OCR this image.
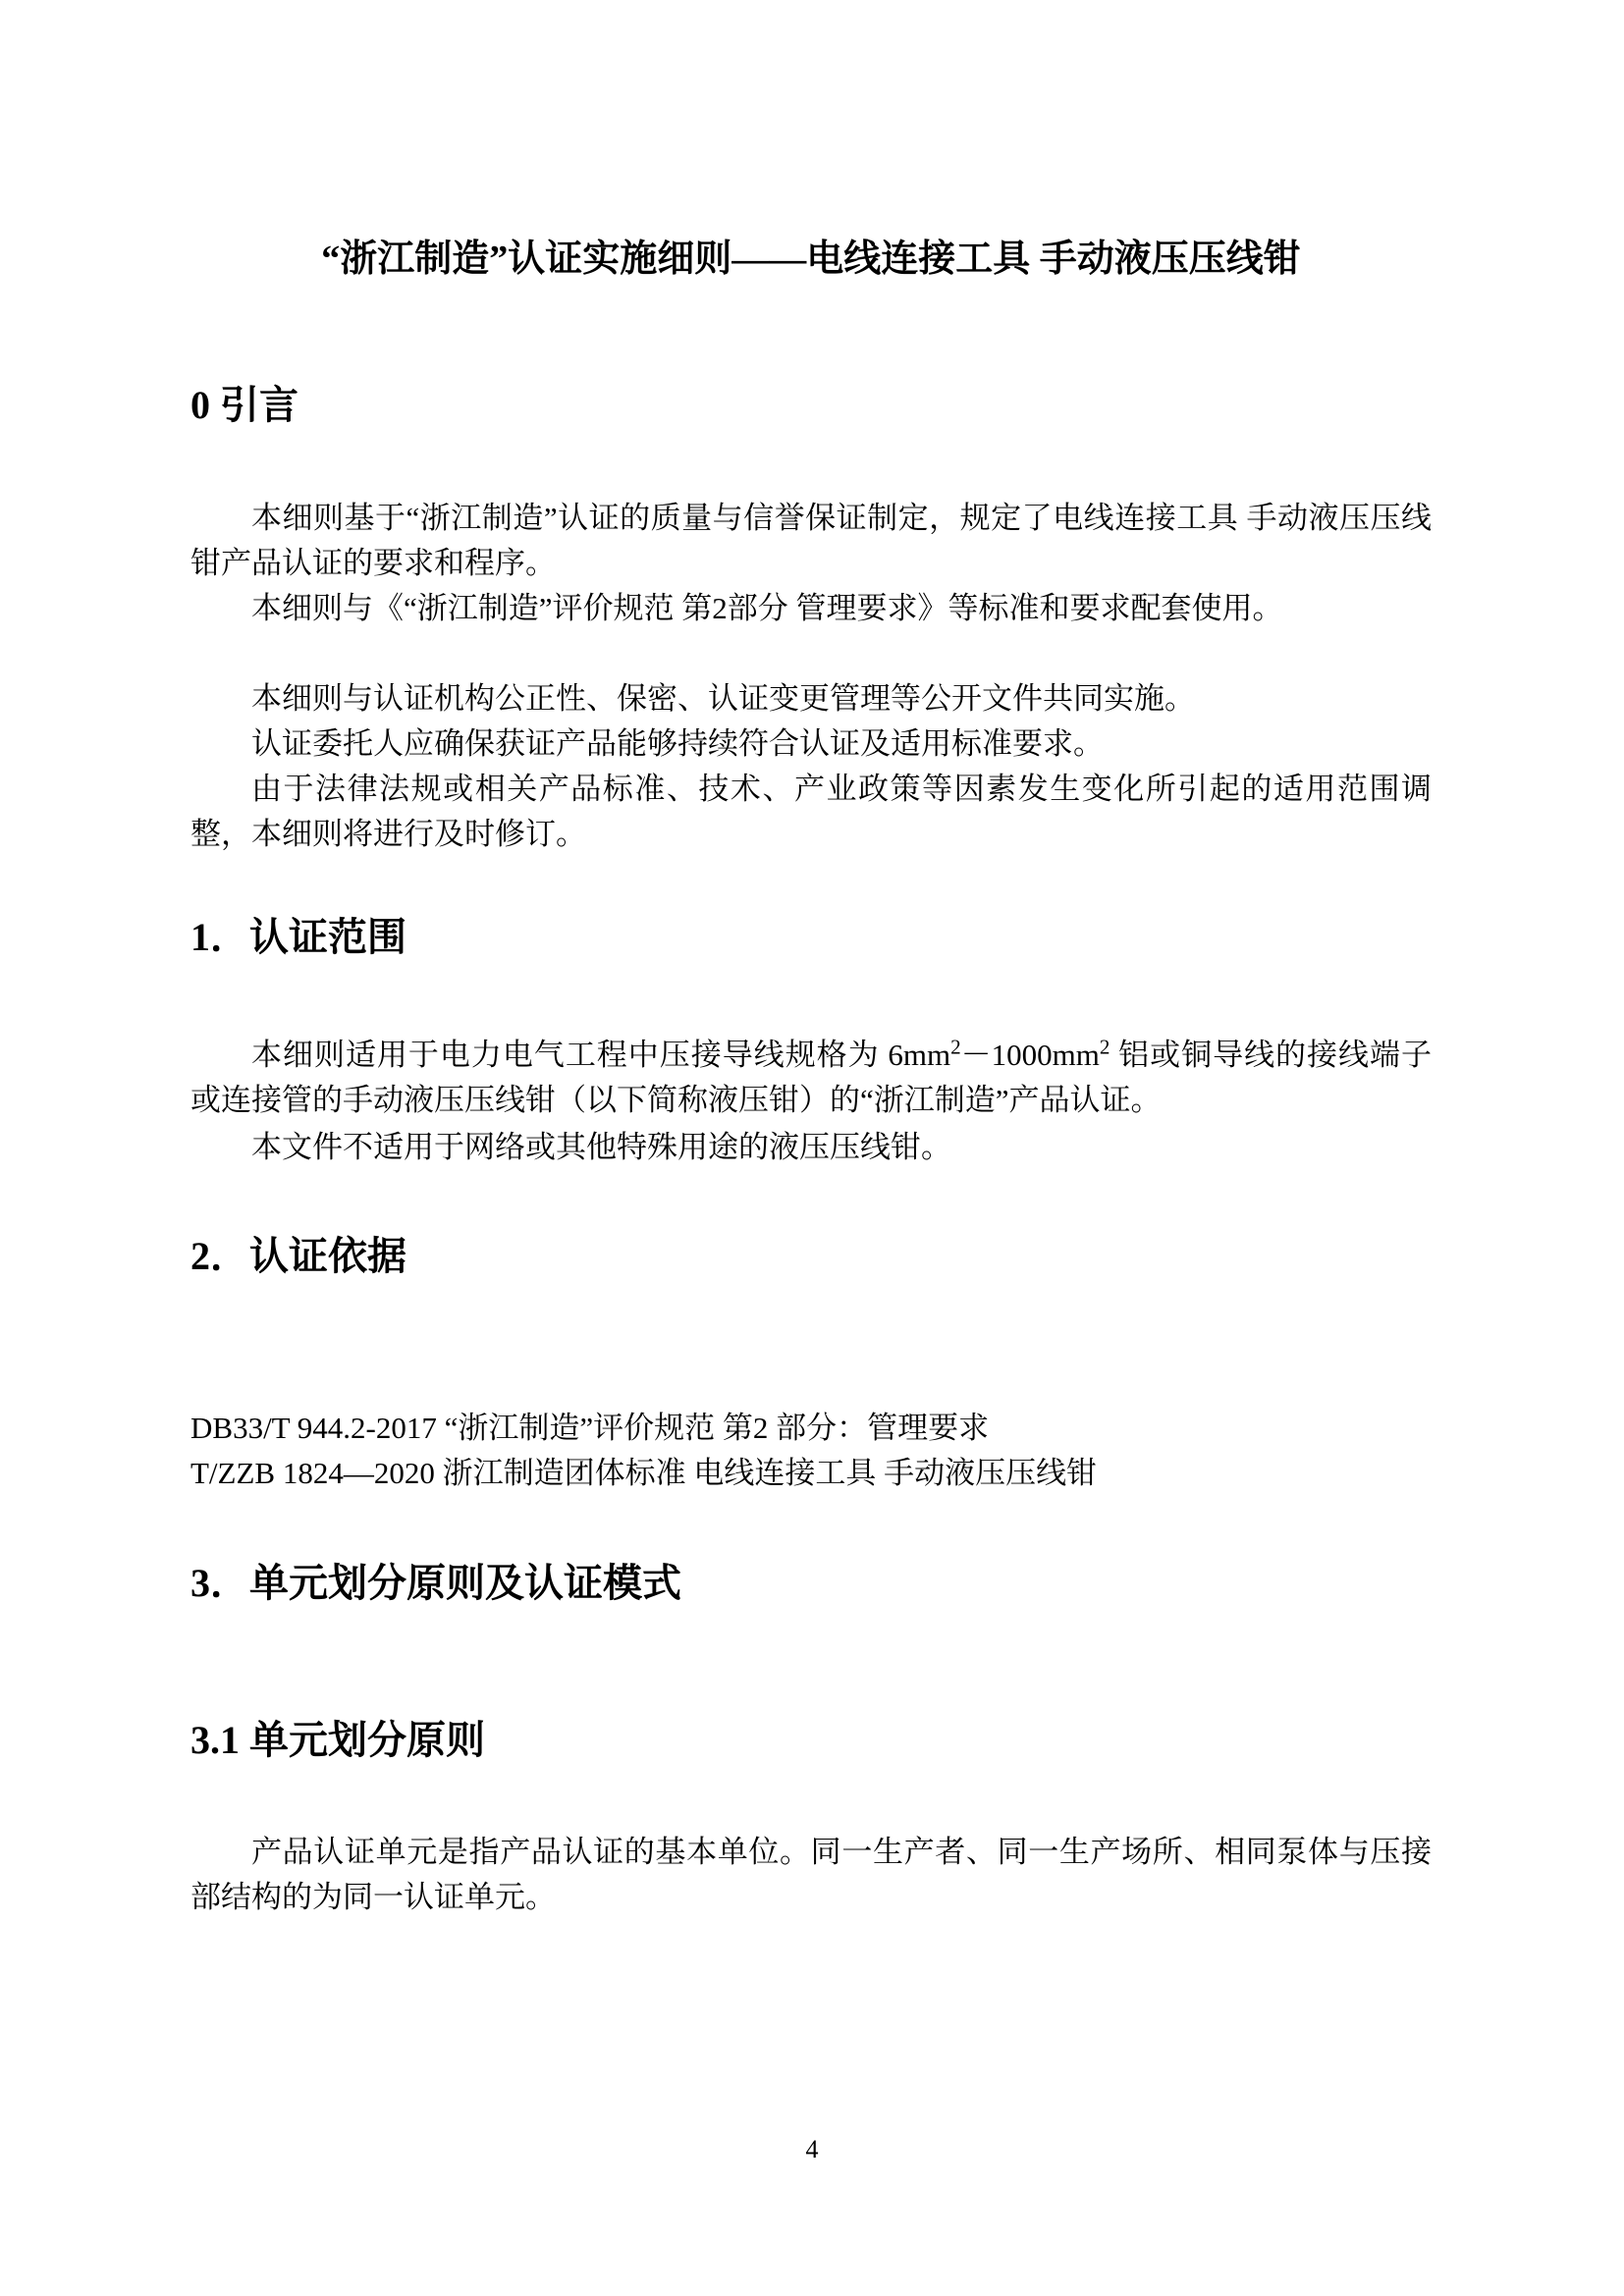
“浙江制造”认证实施细则——电线连接工具 手动液压压线钳
0 引言

本细则基于“浙江制造”认证的质量与信誉保证制定，规定了电线连接工具 手动液压压线钳产品认证的要求和程序。

本细则与《“浙江制造”评价规范 第2部分 管理要求》等标准和要求配套使用。

本细则与认证机构公正性、保密、认证变更管理等公开文件共同实施。

认证委托人应确保获证产品能够持续符合认证及适用标准要求。

由于法律法规或相关产品标准、技术、产业政策等因素发生变化所引起的适用范围调整，本细则将进行及时修订。

1．认证范围

本细则适用于电力电气工程中压接导线规格为 $6mm^2-1000mm^2$ 铝或铜导线的接线端子或连接管的手动液压压线钳（以下简称液压钳）的“浙江制造”产品认证。

本文件不适用于网络或其他特殊用途的液压压线钳。

2．认证依据

DB33/T 944.2-2017 “浙江制造”评价规范 第2 部分：管理要求

T/ZZB 1824—2020 浙江制造团体标准 电线连接工具 手动液压压线钳

3．单元划分原则及认证模式
3.1 单元划分原则

产品认证单元是指产品认证的基本单位。同一生产者、同一生产场所、相同泵体与压接部结构的为同一认证单元。

4
